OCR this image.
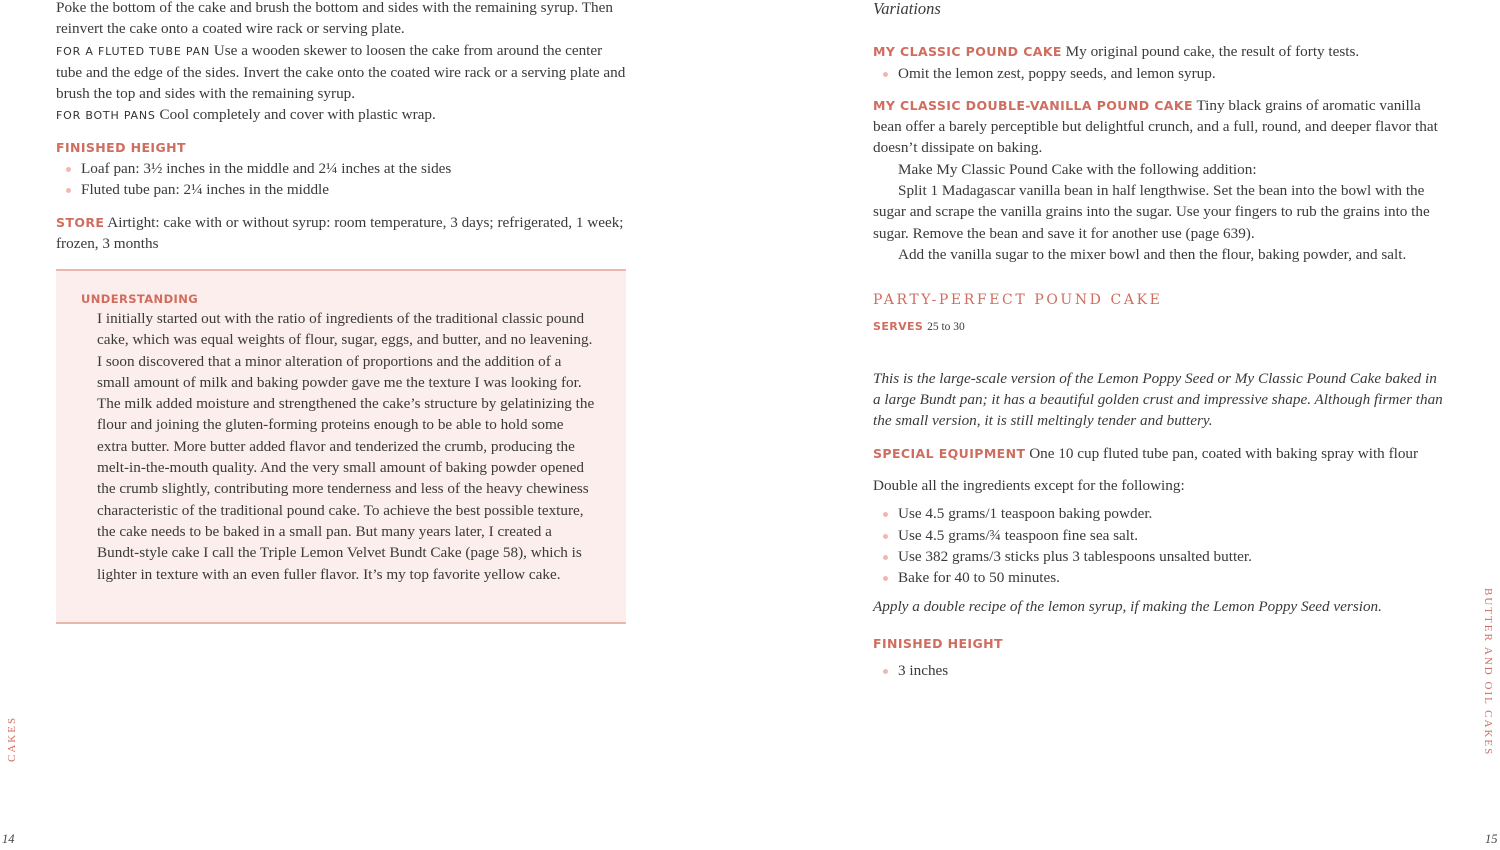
Poke the bottom of the cake and brush the bottom and sides with the remaining syrup. Then reinvert the cake onto a coated wire rack or serving plate.

FOR A FLUTED TUBE PAN Use a wooden skewer to loosen the cake from around the center tube and the edge of the sides. Invert the cake onto the coated wire rack or a serving plate and brush the top and sides with the remaining syrup.

FOR BOTH PANS Cool completely and cover with plastic wrap.

FINISHED HEIGHT
Loaf pan: 3½ inches in the middle and 2¼ inches at the sides
Fluted tube pan: 2¼ inches in the middle

STORE Airtight: cake with or without syrup: room temperature, 3 days; refrigerated, 1 week; frozen, 3 months

UNDERSTANDING

I initially started out with the ratio of ingredients of the traditional classic pound cake, which was equal weights of flour, sugar, eggs, and butter, and no leavening. I soon discovered that a minor alteration of proportions and the addition of a small amount of milk and baking powder gave me the texture I was looking for. The milk added moisture and strengthened the cake’s structure by gelatinizing the flour and joining the gluten-forming proteins enough to be able to hold some extra butter. More butter added flavor and tenderized the crumb, producing the melt-in-the-mouth quality. And the very small amount of baking powder opened the crumb slightly, contributing more tenderness and less of the heavy chewiness characteristic of the traditional pound cake. To achieve the best possible texture, the cake needs to be baked in a small pan. But many years later, I created a Bundt-style cake I call the Triple Lemon Velvet Bundt Cake (page 58), which is lighter in texture with an even fuller flavor. It’s my top favorite yellow cake.

CAKES
14
Variations

MY CLASSIC POUND CAKE My original pound cake, the result of forty tests.

Omit the lemon zest, poppy seeds, and lemon syrup.

MY CLASSIC DOUBLE-VANILLA POUND CAKE Tiny black grains of aromatic vanilla bean offer a barely perceptible but delightful crunch, and a full, round, and deeper flavor that doesn’t dissipate on baking.

Make My Classic Pound Cake with the following addition:

Split 1 Madagascar vanilla bean in half lengthwise. Set the bean into the bowl with the sugar and scrape the vanilla grains into the sugar. Use your fingers to rub the grains into the sugar. Remove the bean and save it for another use (page 639).

Add the vanilla sugar to the mixer bowl and then the flour, baking powder, and salt.

PARTY-PERFECT POUND CAKE
SERVES 25 to 30

This is the large-scale version of the Lemon Poppy Seed or My Classic Pound Cake baked in a large Bundt pan; it has a beautiful golden crust and impressive shape. Although firmer than the small version, it is still meltingly tender and buttery.

SPECIAL EQUIPMENT One 10 cup fluted tube pan, coated with baking spray with flour

Double all the ingredients except for the following:

Use 4.5 grams/1 teaspoon baking powder.
Use 4.5 grams/¾ teaspoon fine sea salt.
Use 382 grams/3 sticks plus 3 tablespoons unsalted butter.
Bake for 40 to 50 minutes.

Apply a double recipe of the lemon syrup, if making the Lemon Poppy Seed version.

FINISHED HEIGHT
3 inches	BUTTER AND OIL CAKES
15
